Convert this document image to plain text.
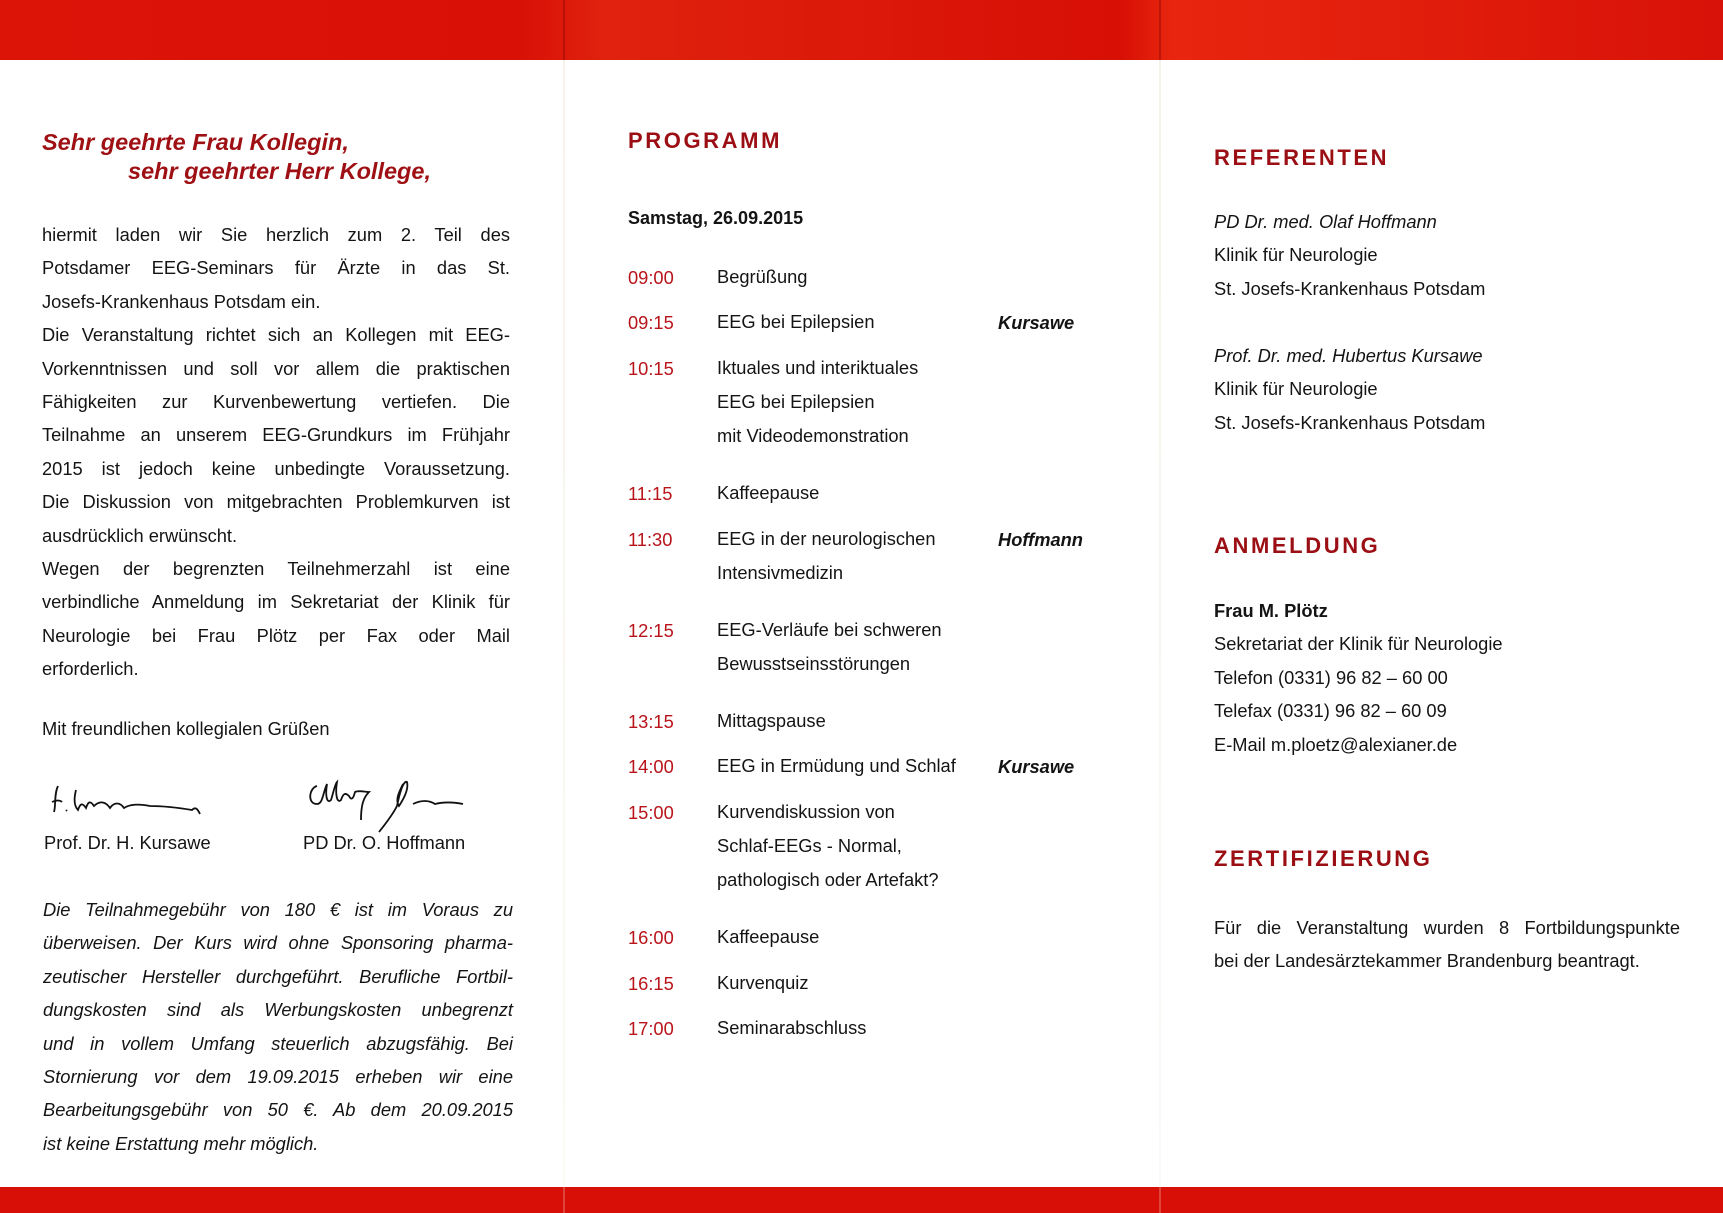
Sehr geehrte Frau Kollegin,
sehr geehrter Herr Kollege,
hiermit laden wir Sie herzlich zum 2. Teil des
Potsdamer EEG-Seminars für Ärzte in das St.
Josefs-Krankenhaus Potsdam ein.
Die Veranstaltung richtet sich an Kollegen mit EEG-
Vorkenntnissen und soll vor allem die praktischen
Fähigkeiten zur Kurvenbewertung vertiefen. Die
Teilnahme an unserem EEG-Grundkurs im Frühjahr
2015 ist jedoch keine unbedingte Voraussetzung.
Die Diskussion von mitgebrachten Problemkurven ist
ausdrücklich erwünscht.
Wegen der begrenzten Teilnehmerzahl ist eine
verbindliche Anmeldung im Sekretariat der Klinik für
Neurologie bei Frau Plötz per Fax oder Mail
erforderlich.
Mit freundlichen kollegialen Grüßen
Prof. Dr. H. Kursawe	PD Dr. O. Hoffmann
Die Teilnahmegebühr von 180 € ist im Voraus zu
überweisen. Der Kurs wird ohne Sponsoring pharma-
zeutischer Hersteller durchgeführt. Berufliche Fortbil-
dungskosten sind als Werbungskosten unbegrenzt
und in vollem Umfang steuerlich abzugsfähig. Bei
Stornierung vor dem 19.09.2015 erheben wir eine
Bearbeitungsgebühr von 50 €. Ab dem 20.09.2015
ist keine Erstattung mehr möglich.
PROGRAMM
Samstag, 26.09.2015
09:00 Begrüßung
09:15 EEG bei Epilepsien	Kursawe
10:15 Iktuales und interiktuales
EEG bei Epilepsien
mit Videodemonstration
11:15 Kaffeepause
11:30 EEG in der neurologischen
Intensivmedizin
Hoffmann
12:15 EEG-Verläufe bei schweren
Bewusstseinsstörungen
13:15 Mittagspause
14:00 EEG in Ermüdung und Schlaf Kursawe
15:00 Kurvendiskussion von
Schlaf-EEGs - Normal,
pathologisch oder Artefakt?
16:00 Kaffeepause
16:15 Kurvenquiz
17:00 Seminarabschluss
REFERENTEN
PD Dr. med. Olaf Hoffmann
Klinik für Neurologie
St. Josefs-Krankenhaus Potsdam
Prof. Dr. med. Hubertus Kursawe
Klinik für Neurologie
St. Josefs-Krankenhaus Potsdam
ANMELDUNG
Frau M. Plötz
Sekretariat der Klinik für Neurologie
Telefon (0331) 96 82 – 60 00
Telefax (0331) 96 82 – 60 09
E-Mail m.ploetz@alexianer.de
ZERTIFIZIERUNG
Für die Veranstaltung wurden 8 Fortbildungspunkte
bei der Landesärztekammer Brandenburg beantragt.
